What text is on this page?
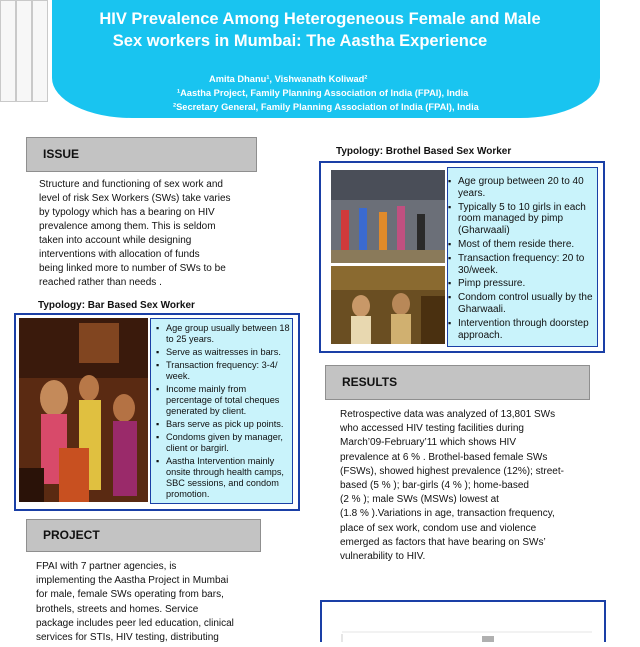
HIV Prevalence Among Heterogeneous Female and Male
Sex workers in Mumbai: The Aastha Experience
Amita Dhanu¹, Vishwanath Koliwad²
¹Aastha Project, Family Planning Association of India (FPAI), India
²Secretary General, Family Planning Association of India (FPAI), India
ISSUE
Structure and functioning of sex work and
level of risk Sex Workers (SWs) take varies
by typology which has a bearing on HIV
prevalence among them. This is seldom
taken into account while designing
interventions with allocation of funds
being linked more to number of SWs to be
reached rather than needs .
Typology: Bar Based Sex Worker
▪ Age group usually between 18 to 25 years.
▪ Serve as waitresses in bars.
▪ Transaction frequency: 3-4/ week.
▪ Income mainly from percentage of total cheques generated by client.
▪ Bars serve as pick up points.
▪ Condoms given by manager, client or bargirl.
▪ Aastha Intervention mainly onsite through health camps, SBC sessions, and condom promotion.
PROJECT
FPAI with 7 partner agencies, is
implementing the Aastha Project in Mumbai
for male, female SWs operating from bars,
brothels, streets and homes. Service
package includes peer led education, clinical
services for STIs, HIV testing, distributing
Typology: Brothel Based Sex Worker
▪ Age group between 20 to 40 years.
▪ Typically 5 to 10 girls in each room managed by pimp (Gharwaali)
▪ Most of them reside there.
▪ Transaction frequency: 20 to 30/week.
▪ Pimp pressure.
▪ Condom control usually by the Gharwaali.
▪ Intervention through doorstep approach.
RESULTS
Retrospective data was analyzed of 13,801 SWs
who accessed HIV testing facilities during
March’09-February’11 which shows HIV
prevalence at 6 % . Brothel-based female SWs
(FSWs), showed highest prevalence (12%); street-
based (5 % ); bar-girls (4 % ); home-based
(2 % ); male SWs (MSWs) lowest at
(1.8 % ).Variations in age, transaction frequency,
place of sex work, condom use and violence
emerged as factors that have bearing on SWs’
vulnerability to HIV.
